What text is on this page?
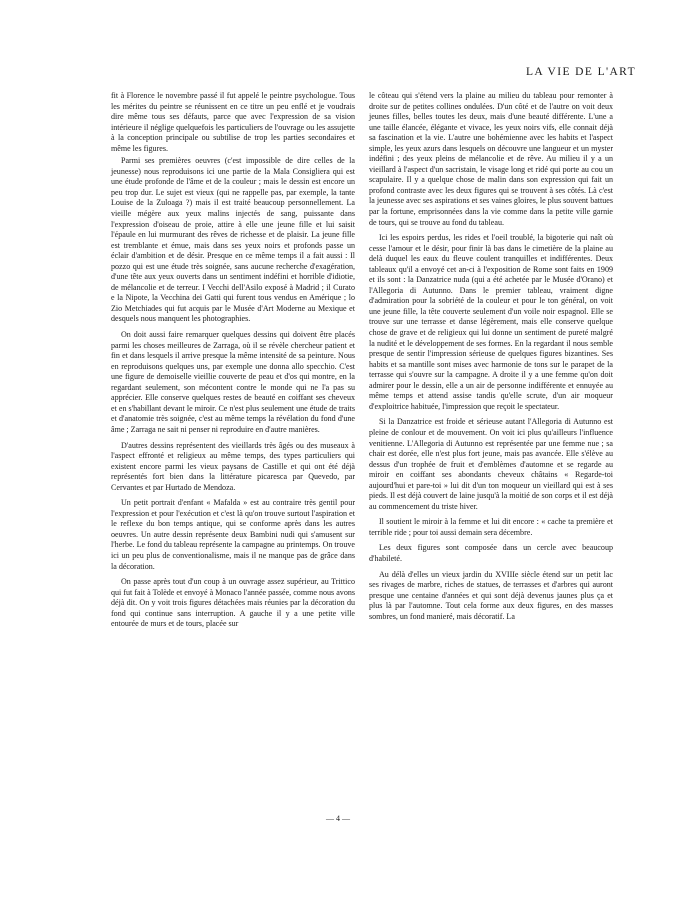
LA VIE DE L'ART

fit à Florence le novembre passé il fut appelé le peintre psychologue. Tous les mérites du peintre se réunissent en ce titre un peu enflé et je voudrais dire même tous ses défauts, parce que avec l'expression de sa vision intérieure il néglige quelquefois les particuliers de l'ouvrage ou les assujette à la conception principale ou subtilise de trop les parties secondaires et même les figures.

Parmi ses premières oeuvres (c'est impossible de dire celles de la jeunesse) nous reproduisons ici une partie de la Mala Consigliera qui est une étude profonde de l'âme et de la couleur ; mais le dessin est encore un peu trop dur. Le sujet est vieux (qui ne rappelle pas, par exemple, la tante Louise de la Zuloaga ?) mais il est traité beaucoup personnellement. La vieille mégère aux yeux malins injectés de sang, puissante dans l'expression d'oiseau de proie, attire à elle une jeune fille et lui saisit l'épaule en lui murmurant des rêves de richesse et de plaisir. La jeune fille est tremblante et émue, mais dans ses yeux noirs et profonds passe un éclair d'ambition et de désir. Presque en ce même temps il a fait aussi : Il pozzo qui est une étude très soignée, sans aucune recherche d'exagération, d'une tête aux yeux ouverts dans un sentiment indéfini et horrible d'idiotie, de mélancolie et de terreur. I Vecchi dell'Asilo exposé à Madrid ; il Curato e la Nipote, la Vecchina dei Gatti qui furent tous vendus en Amérique ; lo Zio Metchiades qui fut acquis par le Musée d'Art Moderne au Mexique et desquels nous manquent les photographies.

On doit aussi faire remarquer quelques dessins qui doivent être placés parmi les choses meilleures de Zarraga, où il se révèle chercheur patient et fin et dans lesquels il arrive presque la même intensité de sa peinture. Nous en reproduisons quelques uns, par exemple une donna allo specchio. C'est une figure de demoiselle vieillie couverte de peau et d'os qui montre, en la regardant seulement, son mécontent contre le monde qui ne l'a pas su apprécier. Elle conserve quelques restes de beauté en coiffant ses cheveux et en s'habillant devant le miroir. Ce n'est plus seulement une étude de traits et d'anatomie très soignée, c'est au même temps la révélation du fond d'une âme ; Zarraga ne sait ni penser ni reproduire en d'autre manières.

D'autres dessins représentent des vieillards très âgés ou des museaux à l'aspect effronté et religieux au même temps, des types particuliers qui existent encore parmi les vieux paysans de Castille et qui ont été déjà représentés fort bien dans la littérature picaresca par Quevedo, par Cervantes et par Hurtado de Mendoza.

Un petit portrait d'enfant « Mafalda » est au contraire très gentil pour l'expression et pour l'exécution et c'est là qu'on trouve surtout l'aspiration et le reflexe du bon temps antique, qui se conforme après dans les autres oeuvres. Un autre dessin représente deux Bambini nudi qui s'amusent sur l'herbe. Le fond du tableau représente la campagne au printemps. On trouve ici un peu plus de conventionalisme, mais il ne manque pas de grâce dans la décoration.

On passe après tout d'un coup à un ouvrage assez supérieur, au Trittico qui fut fait à Tolède et envoyé à Monaco l'année passée, comme nous avons déjà dit. On y voit trois figures détachées mais réunies par la décoration du fond qui continue sans interruption. A gauche il y a une petite ville entourée de murs et de tours, placée sur

le côteau qui s'étend vers la plaine au milieu du tableau pour remonter à droite sur de petites collines ondulées. D'un côté et de l'autre on voit deux jeunes filles, belles toutes les deux, mais d'une beauté différente. L'une a une taille élancée, élégante et vivace, les yeux noirs vifs, elle connait déjà sa fascination et la vie. L'autre une bohémienne avec les habits et l'aspect simple, les yeux azurs dans lesquels on découvre une langueur et un myster indéfini ; des yeux pleins de mélancolie et de rêve. Au milieu il y a un vieillard à l'aspect d'un sacristain, le visage long et ridé qui porte au cou un scapulaire. Il y a quelque chose de malin dans son expression qui fait un profond contraste avec les deux figures qui se trouvent à ses côtés. Là c'est la jeunesse avec ses aspirations et ses vaines gloires, le plus souvent battues par la fortune, emprisonnées dans la vie comme dans la petite ville garnie de tours, qui se trouve au fond du tableau.

Ici les espoirs perdus, les rides et l'oeil troublé, la bigoterie qui naît où cesse l'amour et le désir, pour finir là bas dans le cimetière de la plaine au delà duquel les eaux du fleuve coulent tranquilles et indifférentes. Deux tableaux qu'il a envoyé cet an-ci à l'exposition de Rome sont faits en 1909 et ils sont : la Danzatrice nuda (qui a été achetée par le Musée d'Orano) et l'Allegoria di Autunno. Dans le premier tableau, vraiment digne d'admiration pour la sobriété de la couleur et pour le ton général, on voit une jeune fille, la tête couverte seulement d'un voile noir espagnol. Elle se trouve sur une terrasse et danse légèrement, mais elle conserve quelque chose de grave et de religieux qui lui donne un sentiment de pureté malgré la nudité et le développement de ses formes. En la regardant il nous semble presque de sentir l'impression sérieuse de quelques figures bizantines. Ses habits et sa mantille sont mises avec harmonie de tons sur le parapet de la terrasse qui s'ouvre sur la campagne. A droite il y a une femme qu'on doit admirer pour le dessin, elle a un air de personne indifférente et ennuyée au même temps et attend assise tandis qu'elle scrute, d'un air moqueur d'exploitrice habituée, l'impression que reçoit le spectateur.

Si la Danzatrice est froide et sérieuse autant l'Allegoria di Autunno est pleine de conlour et de mouvement. On voit ici plus qu'ailleurs l'influence venitienne. L'Allegoria di Autunno est représentée par une femme nue ; sa chair est dorée, elle n'est plus fort jeune, mais pas avancée. Elle s'élève au dessus d'un trophée de fruit et d'emblèmes d'automne et se regarde au miroir en coiffant ses abondants cheveux châtains « Regarde-toi aujourd'hui et pare-toi » lui dit d'un ton moqueur un vieillard qui est à ses pieds. Il est déjà couvert de laine jusqu'à la moitié de son corps et il est déjà au commencement du triste hiver.

Il soutient le miroir à la femme et lui dit encore : « cache ta première et terrible ride ; pour toi aussi demain sera décembre.

Les deux figures sont composée dans un cercle avec beaucoup d'habileté.

Au délà d'elles un vieux jardin du XVIIIe siècle étend sur un petit lac ses rivages de marbre, riches de statues, de terrasses et d'arbres qui auront presque une centaine d'années et qui sont déjà devenus jaunes plus ça et plus là par l'automne. Tout cela forme aux deux figures, en des masses sombres, un fond manieré, mais décoratif. La

— 4 —
